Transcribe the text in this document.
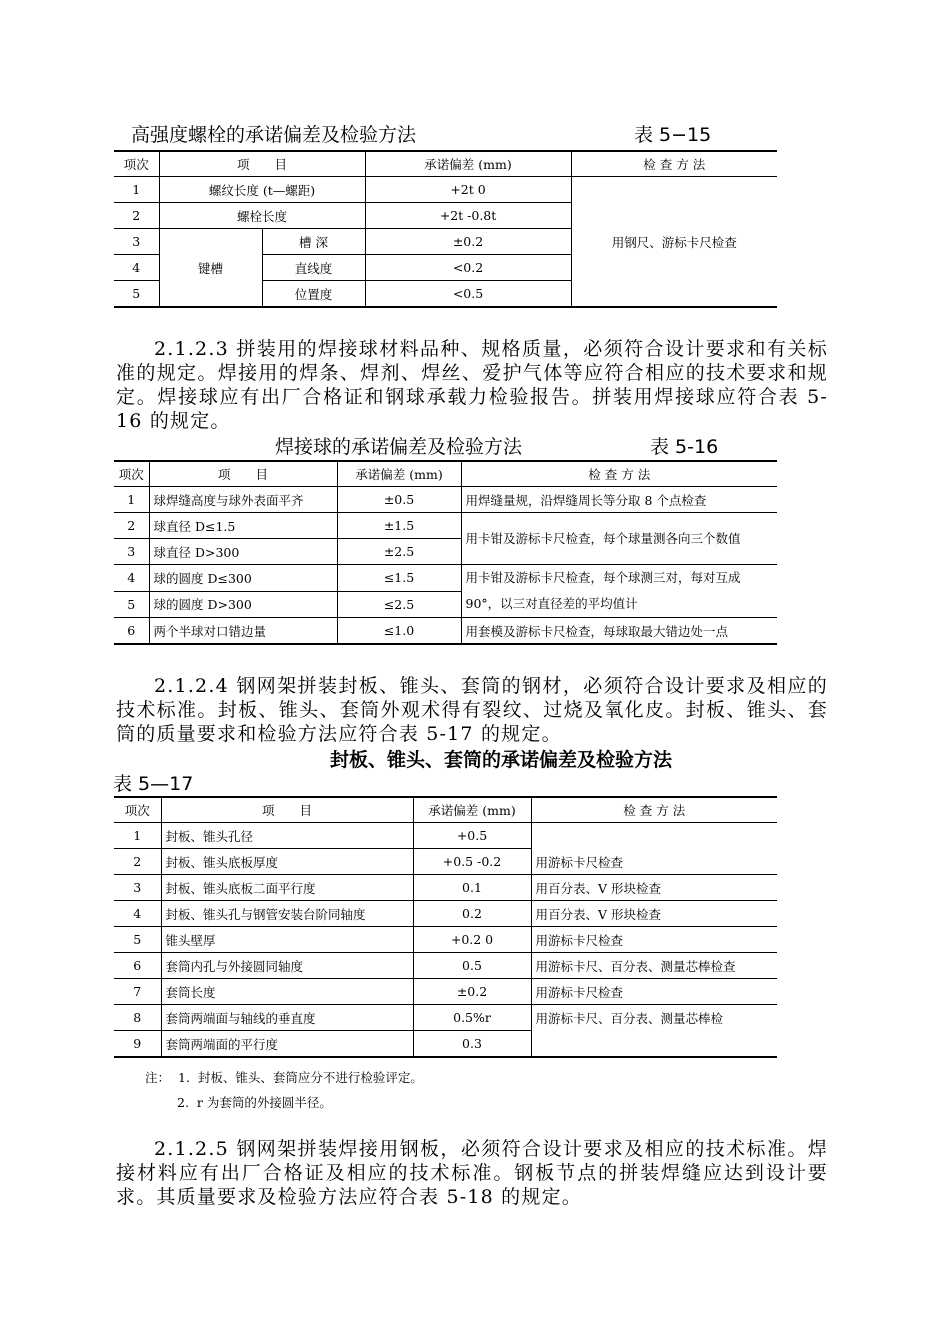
高强度螺栓的承诺偏差及检验方法	表 5−15
项次	项　　目		承诺偏差 (mm)	检 查 方 法
1	螺纹长度 (t—螺距)		+2t 0	用钢尺、游标卡尺检查
2	螺栓长度		+2t -0.8t	
3	键槽	槽 深	±0.2	
4		直线度	<0.2	
5		位置度	<0.5	

2.1.2.3 拼装用的焊接球材料品种、规格质量，必须符合设计要求和有关标准的规定。焊接用的焊条、焊剂、焊丝、爱护气体等应符合相应的技术要求和规定。焊接球应有出厂合格证和钢球承载力检验报告。拼装用焊接球应符合表 5-16 的规定。

焊接球的承诺偏差及检验方法	表 5-16
项次	项　　目	承诺偏差 (mm)	检 查 方 法
1	球焊缝高度与球外表面平齐	±0.5	用焊缝量规，沿焊缝周长等分取 8 个点检查
2	球直径 D≤1.5	±1.5	用卡钳及游标卡尺检查，每个球量测各向三个数值
3	球直径 D>300	±2.5	
4	球的圆度 D≤300	≤1.5	用卡钳及游标卡尺检查，每个球测三对，每对互成 90°，以三对直径差的平均值计
5	球的圆度 D>300	≤2.5	
6	两个半球对口错边量	≤1.0	用套模及游标卡尺检查，每球取最大错边处一点

2.1.2.4 钢网架拼装封板、锥头、套筒的钢材，必须符合设计要求及相应的技术标准。封板、锥头、套筒外观术得有裂纹、过烧及氧化皮。封板、锥头、套筒的质量要求和检验方法应符合表 5-17 的规定。

封板、锥头、套筒的承诺偏差及检验方法
表 5—17
项次	项　　目	承诺偏差 (mm)	检 查 方 法
1	封板、锥头孔径	+0.5	用游标卡尺检查
2	封板、锥头底板厚度	+0.5 -0.2	
3	封板、锥头底板二面平行度	0.1	用百分表、V 形块检查
4	封板、锥头孔与钢管安装台阶同轴度	0.2	用百分表、V 形块检查
5	锥头壁厚	+0.2 0	用游标卡尺检查
6	套筒内孔与外接圆同轴度	0.5	用游标卡尺、百分表、测量芯棒检查
7	套筒长度	±0.2	用游标卡尺检查
8	套筒两端面与轴线的垂直度	0.5%r	用游标卡尺、百分表、测量芯棒检
9	套筒两端面的平行度	0.3	
注：  1.  封板、锥头、套筒应分不进行检验评定。
2.  r 为套筒的外接圆半径。

2.1.2.5 钢网架拼装焊接用钢板，必须符合设计要求及相应的技术标准。焊接材料应有出厂合格证及相应的技术标准。钢板节点的拼装焊缝应达到设计要求。其质量要求及检验方法应符合表 5-18 的规定。
